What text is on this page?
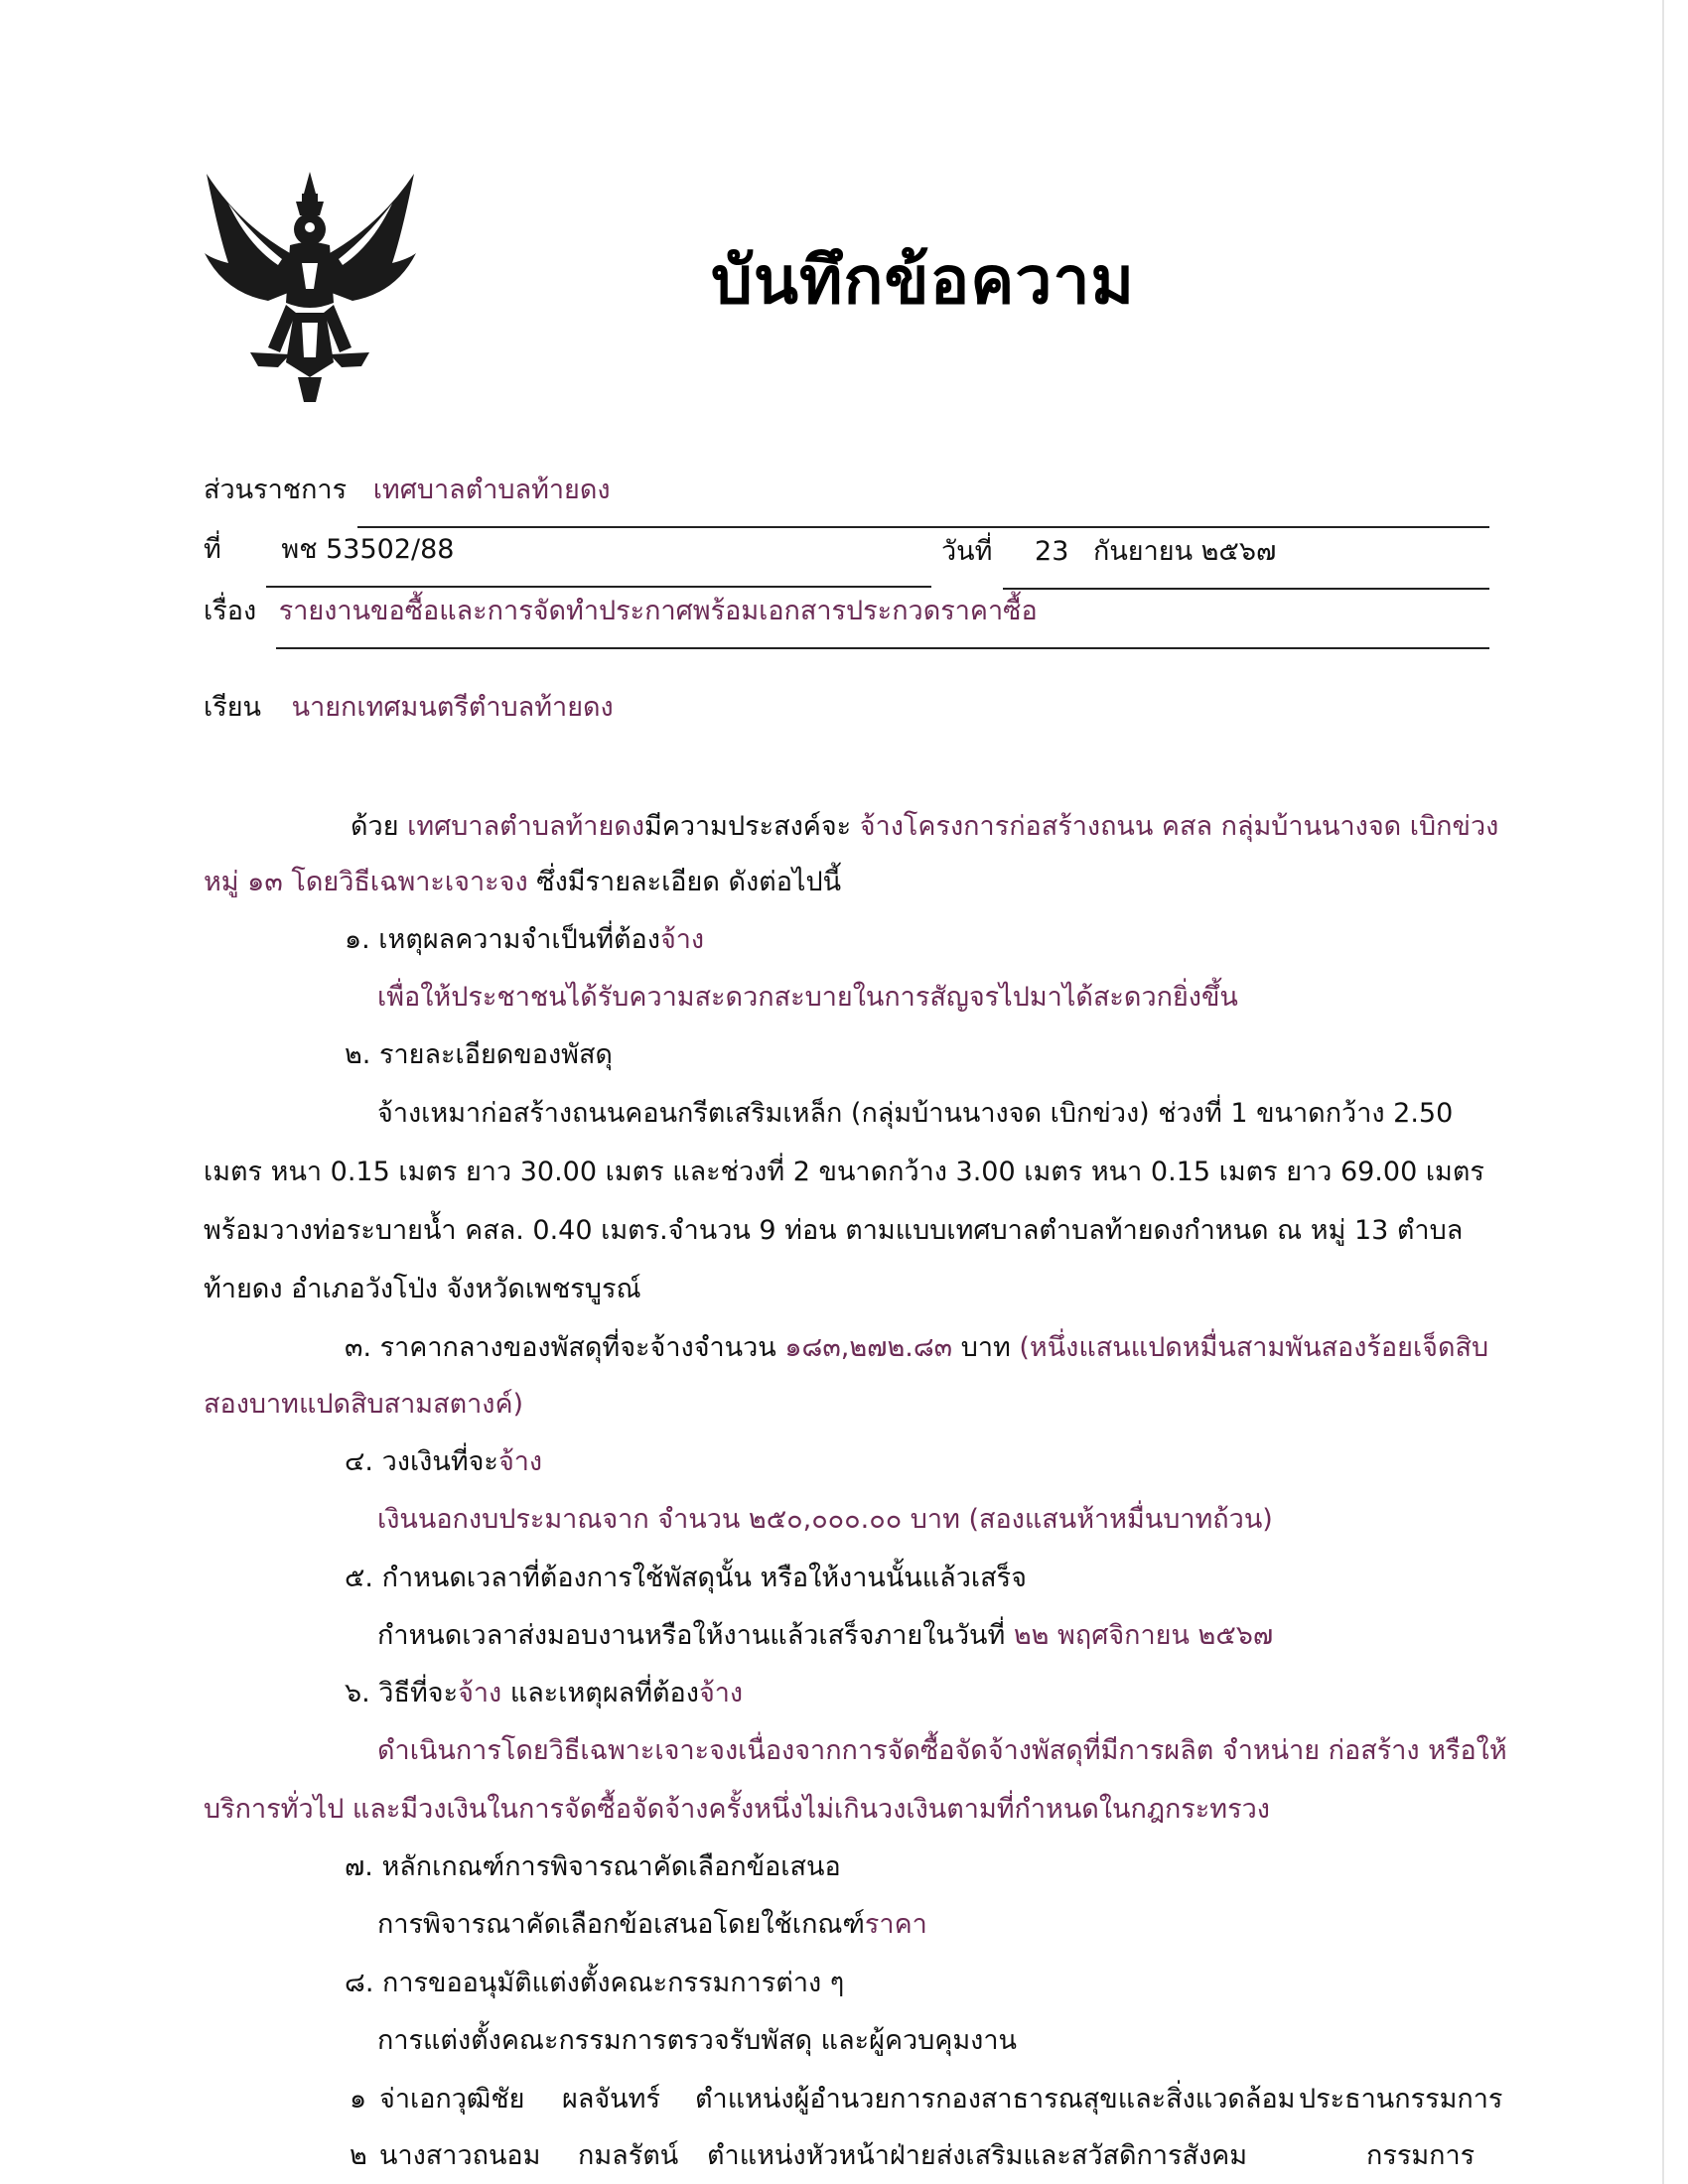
บันทึกข้อความ
ส่วนราชการ เทศบาลตำบลท้ายดง
ที่ พช 53502/88	วันที่ 23 กันยายน ๒๕๖๗
เรื่อง รายงานขอซื้อและการจัดทำประกาศพร้อมเอกสารประกวดราคาซื้อ
เรียน นายกเทศมนตรีตำบลท้ายดง
ด้วย เทศบาลตำบลท้ายดงมีความประสงค์จะ จ้างโครงการก่อสร้างถนน คสล กลุ่มบ้านนางจด เบิกข่วง
หมู่ ๑๓ โดยวิธีเฉพาะเจาะจง ซึ่งมีรายละเอียด ดังต่อไปนี้
๑. เหตุผลความจำเป็นที่ต้องจ้าง
เพื่อให้ประชาชนได้รับความสะดวกสะบายในการสัญจรไปมาได้สะดวกยิ่งขึ้น
๒. รายละเอียดของพัสดุ
จ้างเหมาก่อสร้างถนนคอนกรีตเสริมเหล็ก (กลุ่มบ้านนางจด เบิกข่วง) ช่วงที่ 1 ขนาดกว้าง 2.50
เมตร หนา 0.15 เมตร ยาว 30.00 เมตร และช่วงที่ 2 ขนาดกว้าง 3.00 เมตร หนา 0.15 เมตร ยาว 69.00 เมตร
พร้อมวางท่อระบายน้ำ คสล. 0.40 เมตร.จำนวน 9 ท่อน ตามแบบเทศบาลตำบลท้ายดงกำหนด ณ หมู่ 13 ตำบล
ท้ายดง อำเภอวังโป่ง จังหวัดเพชรบูรณ์
๓. ราคากลางของพัสดุที่จะจ้างจำนวน ๑๘๓,๒๗๒.๘๓ บาท (หนึ่งแสนแปดหมื่นสามพันสองร้อยเจ็ดสิบ
สองบาทแปดสิบสามสตางค์)
๔. วงเงินที่จะจ้าง
เงินนอกงบประมาณจาก จำนวน ๒๕๐,๐๐๐.๐๐ บาท (สองแสนห้าหมื่นบาทถ้วน)
๕. กำหนดเวลาที่ต้องการใช้พัสดุนั้น หรือให้งานนั้นแล้วเสร็จ
กำหนดเวลาส่งมอบงานหรือให้งานแล้วเสร็จภายในวันที่ ๒๒ พฤศจิกายน ๒๕๖๗
๖. วิธีที่จะจ้าง และเหตุผลที่ต้องจ้าง
ดำเนินการโดยวิธีเฉพาะเจาะจงเนื่องจากการจัดซื้อจัดจ้างพัสดุที่มีการผลิต จำหน่าย ก่อสร้าง หรือให้
บริการทั่วไป และมีวงเงินในการจัดซื้อจัดจ้างครั้งหนึ่งไม่เกินวงเงินตามที่กำหนดในกฎกระทรวง
๗. หลักเกณฑ์การพิจารณาคัดเลือกข้อเสนอ
การพิจารณาคัดเลือกข้อเสนอโดยใช้เกณฑ์ราคา
๘. การขออนุมัติแต่งตั้งคณะกรรมการต่าง ๆ
การแต่งตั้งคณะกรรมการตรวจรับพัสดุ และผู้ควบคุมงาน
๑ จ่าเอกวุฒิชัย ผลจันทร์ ตำแหน่งผู้อำนวยการกองสาธารณสุขและสิ่งแวดล้อม ประธานกรรมการ
๒ นางสาวถนอม กมลรัตน์ ตำแหน่งหัวหน้าฝ่ายส่งเสริมและสวัสดิการสังคม	กรรมการ
